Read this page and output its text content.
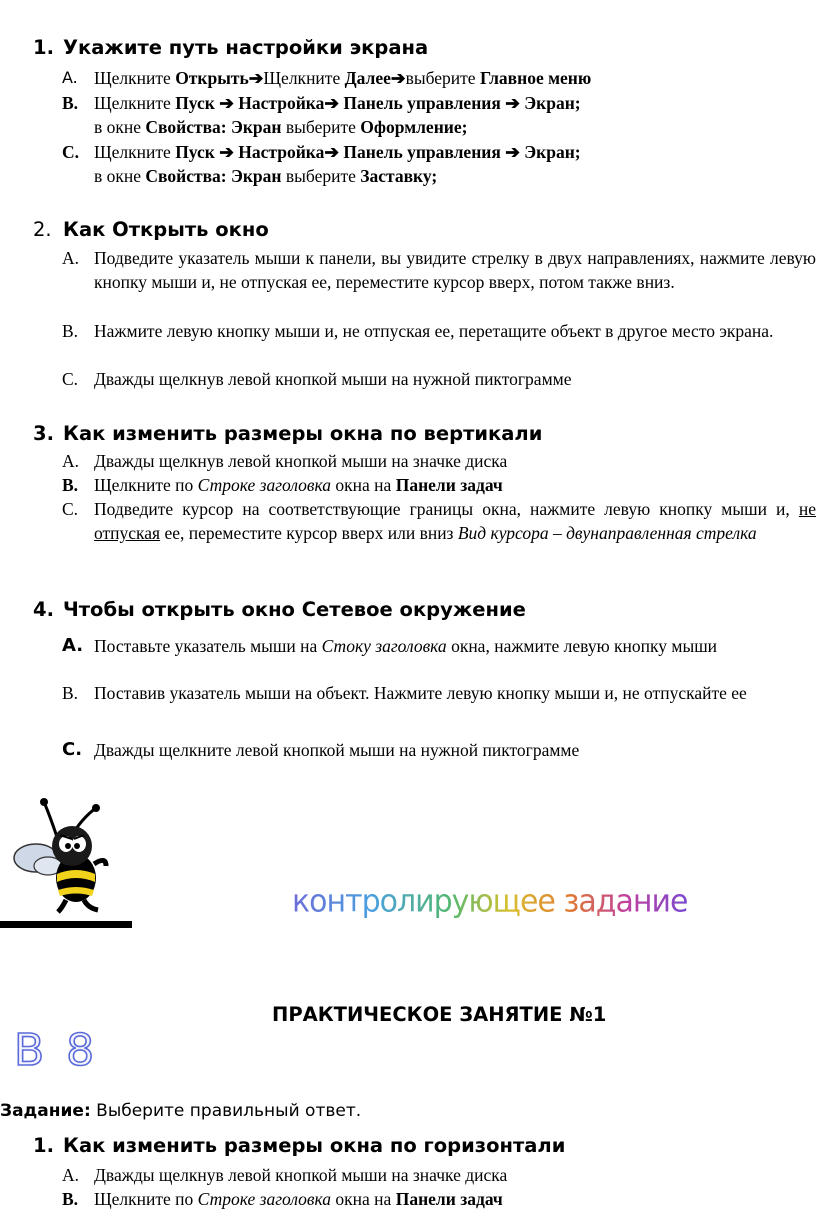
1. Укажите путь настройки экрана
A. Щелкните Открыть➔Щелкните Далее➔выберите Главное меню
B. Щелкните Пуск ➔ Настройка➔ Панель управления ➔ Экран;
в окне Свойства: Экран выберите Оформление;
C. Щелкните Пуск ➔ Настройка➔ Панель управления ➔ Экран;
в окне Свойства: Экран выберите Заставку;
2. Как Открыть окно
A. Подведите указатель мыши к панели, вы увидите стрелку в двух направлениях, нажмите левую кнопку мыши и, не отпуская ее, переместите курсор вверх, потом также вниз.
B. Нажмите левую кнопку мыши и, не отпуская ее, перетащите объект в другое место экрана.
C. Дважды щелкнув левой кнопкой мыши на нужной пиктограмме
3. Как изменить размеры окна по вертикали
A. Дважды щелкнув левой кнопкой мыши на значке диска
B. Щелкните по Строке заголовка окна на Панели задач
C. Подведите курсор на соответствующие границы окна, нажмите левую кнопку мыши и, не отпуская ее, переместите курсор вверх или вниз Вид курсора – двунаправленная стрелка
4. Чтобы открыть окно Сетевое окружение
A. Поставьте указатель мыши на Стоку заголовка окна, нажмите левую кнопку мыши
B. Поставив указатель мыши на объект. Нажмите левую кнопку мыши и, не отпускайте ее
C. Дважды щелкните левой кнопкой мыши на нужной пиктограмме
контролирующее задание
ПРАКТИЧЕСКОЕ ЗАНЯТИЕ №1
В 8
Задание: Выберите правильный ответ.
1. Как изменить размеры окна по горизонтали
A. Дважды щелкнув левой кнопкой мыши на значке диска
B. Щелкните по Строке заголовка окна на Панели задач
